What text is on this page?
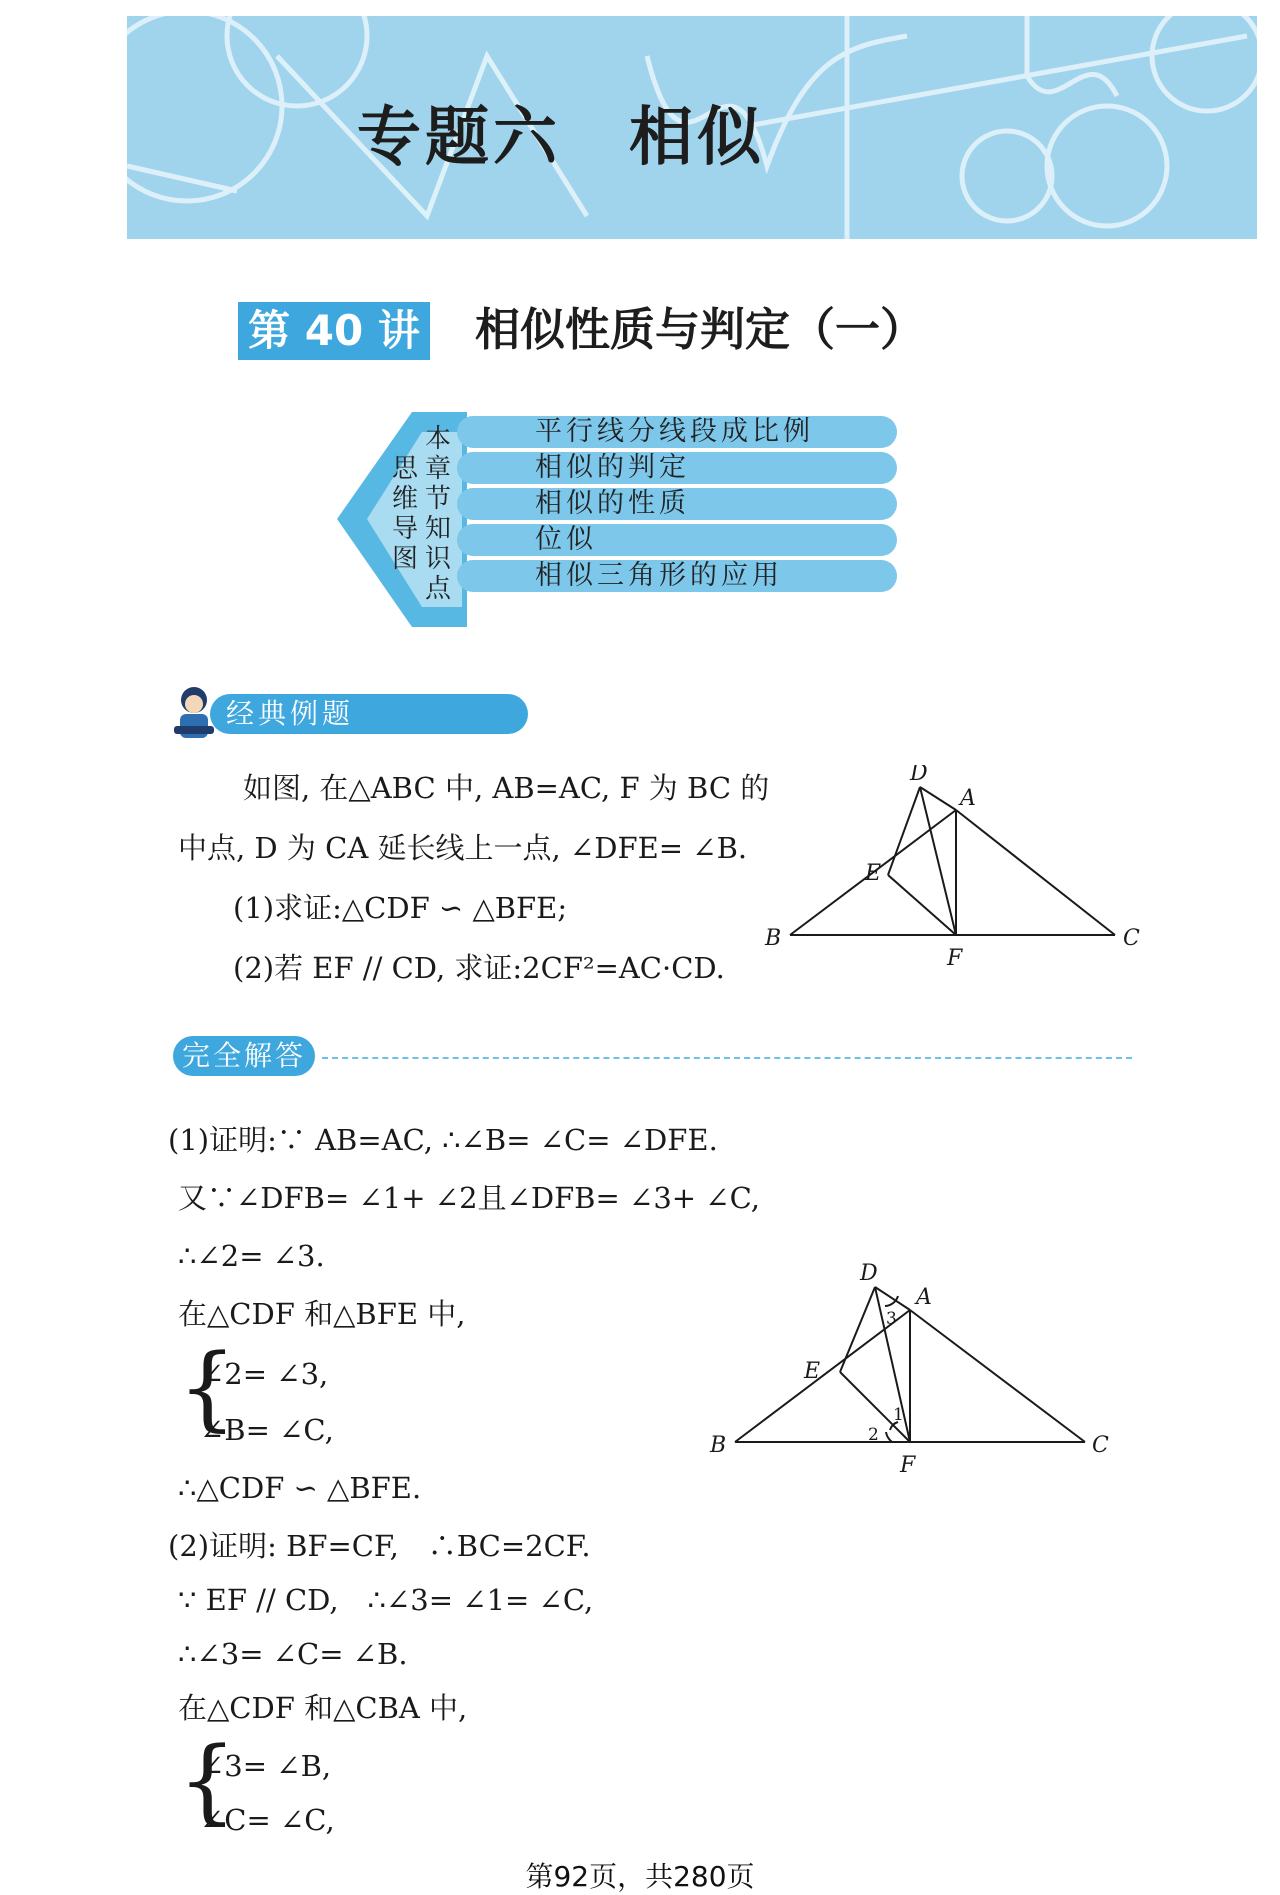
专题六　相似
第 40 讲 相似性质与判定（一）
思
维
导
图
本
章
节
知
识
点
平行线分线段成比例
相似的判定
相似的性质
位似
相似三角形的应用
经典例题
如图, 在△ABC 中, AB=AC, F 为 BC 的
中点, D 为 CA 延长线上一点, ∠DFE= ∠B.
(1)求证:△CDF ∽ △BFE;
(2)若 EF // CD, 求证:2CF²=AC·CD.
D
A
E
B
F
C
完全解答
(1)证明:∵ AB=AC, ∴∠B= ∠C= ∠DFE.
又∵∠DFB= ∠1+ ∠2且∠DFB= ∠3+ ∠C,
∴∠2= ∠3.
在△CDF 和△BFE 中,
{
∠2= ∠3,
∠B= ∠C,
∴△CDF ∽ △BFE.
(2)证明: BF=CF,　∴BC=2CF.
∵ EF // CD,　∴∠3= ∠1= ∠C,
∴∠3= ∠C= ∠B.
在△CDF 和△CBA 中,
{
∠3= ∠B,
∠C= ∠C,
D
A
E
B
F
C
3
1
2
第92页，共280页
